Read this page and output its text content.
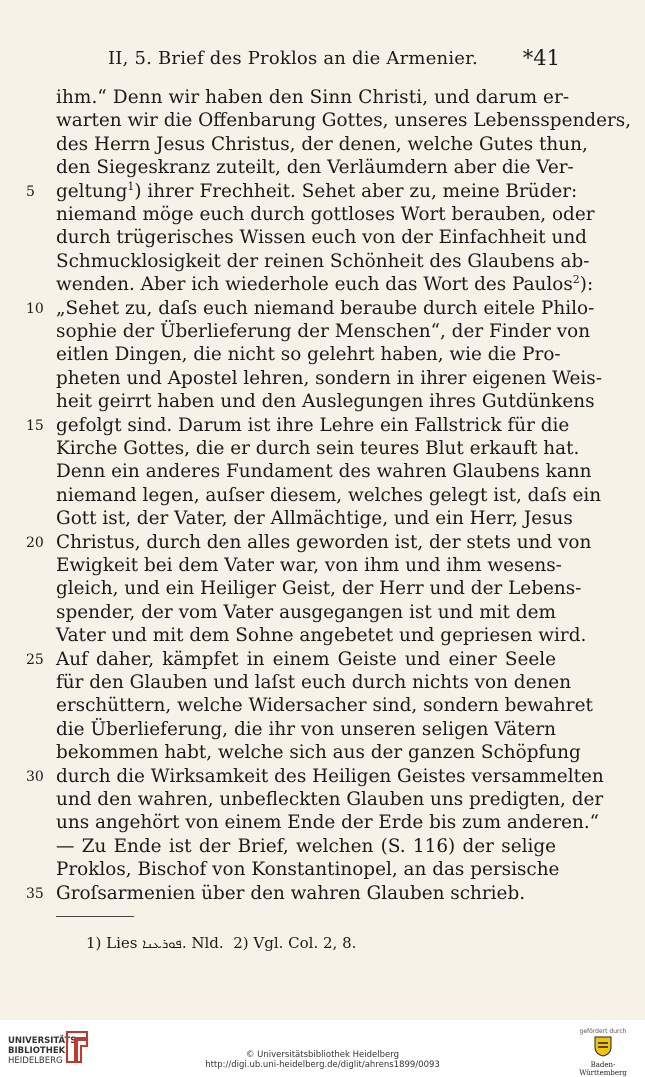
II, 5. Brief des Proklos an die Armenier. *41
ihm.“ Denn wir haben den Sinn Christi, und darum er-
warten wir die Offenbarung Gottes, unseres Lebensspenders,
des Herrn Jesus Christus, der denen, welche Gutes thun,
den Siegeskranz zuteilt, den Verläumdern aber die Ver-
5 geltung$^1$) ihrer Frechheit. Sehet aber zu, meine Brüder:
niemand möge euch durch gottloses Wort berauben, oder
durch trügerisches Wissen euch von der Einfachheit und
Schmucklosigkeit der reinen Schönheit des Glaubens ab-
wenden. Aber ich wiederhole euch das Wort des Paulos$^2$):
10 „Sehet zu, daſs euch niemand beraube durch eitele Philo-
sophie der Überlieferung der Menschen“, der Finder von
eitlen Dingen, die nicht so gelehrt haben, wie die Pro-
pheten und Apostel lehren, sondern in ihrer eigenen Weis-
heit geirrt haben und den Auslegungen ihres Gutdünkens
15 gefolgt sind. Darum ist ihre Lehre ein Fallstrick für die
Kirche Gottes, die er durch sein teures Blut erkauft hat.
Denn ein anderes Fundament des wahren Glaubens kann
niemand legen, auſser diesem, welches gelegt ist, daſs ein
Gott ist, der Vater, der Allmächtige, und ein Herr, Jesus
20 Christus, durch den alles geworden ist, der stets und von
Ewigkeit bei dem Vater war, von ihm und ihm wesens-
gleich, und ein Heiliger Geist, der Herr und der Lebens-
spender, der vom Vater ausgegangen ist und mit dem
Vater und mit dem Sohne angebetet und gepriesen wird.
25 Auf daher, kämpfet in einem Geiste und einer Seele
für den Glauben und laſst euch durch nichts von denen
erschüttern, welche Widersacher sind, sondern bewahret
die Überlieferung, die ihr von unseren seligen Vätern
bekommen habt, welche sich aus der ganzen Schöpfung
30 durch die Wirksamkeit des Heiligen Geistes versammelten
und den wahren, unbefleckten Glauben uns predigten, der
uns angehört von einem Ende der Erde bis zum anderen.“
— Zu Ende ist der Brief, welchen (S. 116) der selige
Proklos, Bischof von Konstantinopel, an das persische
35 Groſsarmenien über den wahren Glauben schrieb.
1) Lies ܦܘܪܥܢܐ. Nld. 2) Vgl. Col. 2, 8.
UNIVERSITÄTS-
BIBLIOTHEK
HEIDELBERG
© Universitätsbibliothek Heidelberg
http://digi.ub.uni-heidelberg.de/diglit/ahrens1899/0093
gefördert durch
Baden-Württemberg
